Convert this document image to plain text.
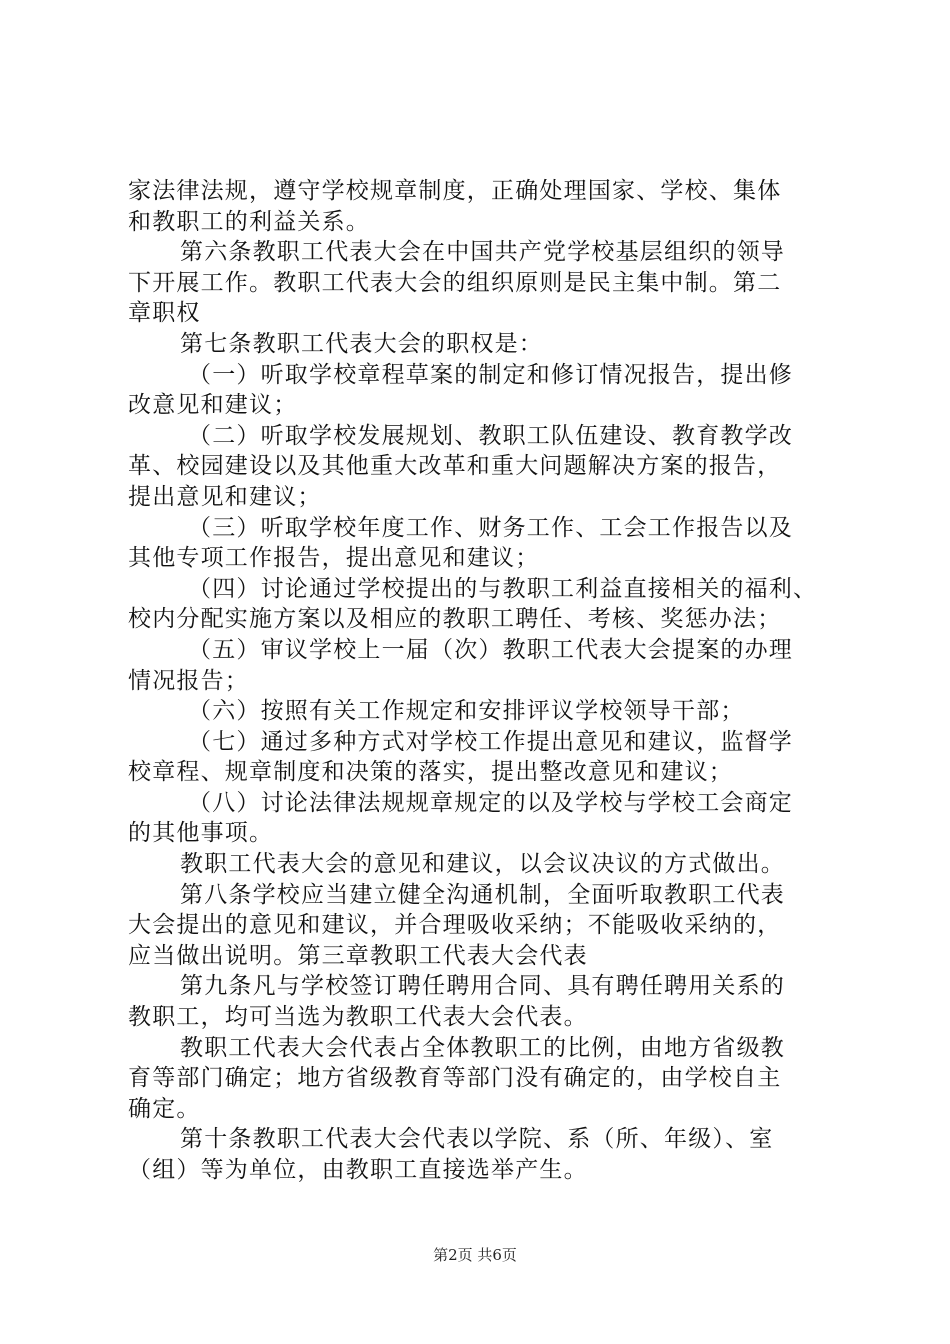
家法律法规，遵守学校规章制度，正确处理国家、学校、集体
和教职工的利益关系。
第六条教职工代表大会在中国共产党学校基层组织的领导
下开展工作。教职工代表大会的组织原则是民主集中制。第二
章职权
第七条教职工代表大会的职权是：
（一）听取学校章程草案的制定和修订情况报告，提出修
改意见和建议；
（二）听取学校发展规划、教职工队伍建设、教育教学改
革、校园建设以及其他重大改革和重大问题解决方案的报告，
提出意见和建议；
（三）听取学校年度工作、财务工作、工会工作报告以及
其他专项工作报告，提出意见和建议；
（四）讨论通过学校提出的与教职工利益直接相关的福利、
校内分配实施方案以及相应的教职工聘任、考核、奖惩办法；
（五）审议学校上一届（次）教职工代表大会提案的办理
情况报告；
（六）按照有关工作规定和安排评议学校领导干部；
（七）通过多种方式对学校工作提出意见和建议，监督学
校章程、规章制度和决策的落实，提出整改意见和建议；
（八）讨论法律法规规章规定的以及学校与学校工会商定
的其他事项。
教职工代表大会的意见和建议，以会议决议的方式做出。
第八条学校应当建立健全沟通机制，全面听取教职工代表
大会提出的意见和建议，并合理吸收采纳；不能吸收采纳的，
应当做出说明。第三章教职工代表大会代表
第九条凡与学校签订聘任聘用合同、具有聘任聘用关系的
教职工，均可当选为教职工代表大会代表。
教职工代表大会代表占全体教职工的比例，由地方省级教
育等部门确定；地方省级教育等部门没有确定的，由学校自主
确定。
第十条教职工代表大会代表以学院、系（所、年级）、室
（组）等为单位，由教职工直接选举产生。
第2页 共6页
